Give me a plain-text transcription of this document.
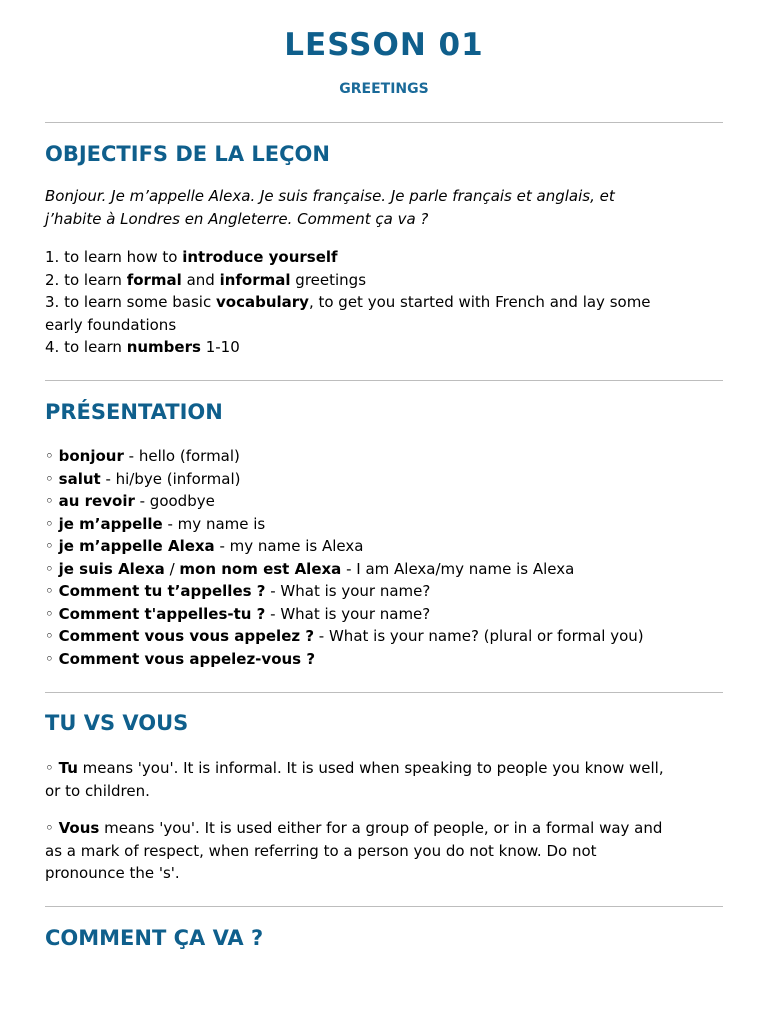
LESSON 01
GREETINGS
OBJECTIFS DE LA LEÇON
Bonjour. Je m’appelle Alexa. Je suis française. Je parle français et anglais, et
j’habite à Londres en Angleterre. Comment ça va ?
1. to learn how to introduce yourself
2. to learn formal and informal greetings
3. to learn some basic vocabulary, to get you started with French and lay some
early foundations
4. to learn numbers 1-10
PRÉSENTATION
◦ bonjour - hello (formal)
◦ salut - hi/bye (informal)
◦ au revoir - goodbye
◦ je m’appelle - my name is
◦ je m’appelle Alexa - my name is Alexa
◦ je suis Alexa / mon nom est Alexa - I am Alexa/my name is Alexa
◦ Comment tu t’appelles ? - What is your name?
◦ Comment t'appelles-tu ? - What is your name?
◦ Comment vous vous appelez ? - What is your name? (plural or formal you)
◦ Comment vous appelez-vous ?
TU VS VOUS
◦ Tu means 'you'. It is informal. It is used when speaking to people you know well,
or to children.
◦ Vous means 'you'. It is used either for a group of people, or in a formal way and
as a mark of respect, when referring to a person you do not know. Do not
pronounce the 's'.
COMMENT ÇA VA ?
